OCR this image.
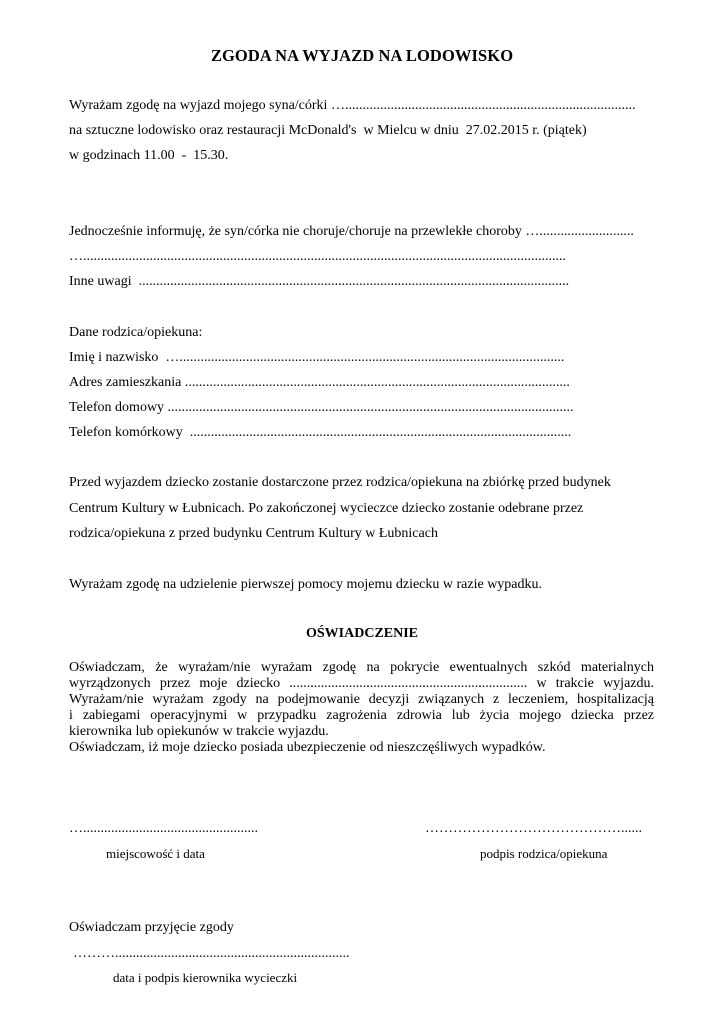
ZGODA NA WYJAZD NA LODOWISKO

Wyrażam zgodę na wyjazd mojego syna/córki …...................................................................................

na sztuczne lodowisko oraz restauracji McDonald's  w Mielcu w dniu  27.02.2015 r. (piątek)

w godzinach 11.00  -  15.30.

Jednocześnie informuję, że syn/córka nie choruje/choruje na przewlekłe choroby …...........................

…..........................................................................................................................................

Inne uwagi  ...........................................................................................................................

Dane rodzica/opiekuna:

Imię i nazwisko  …..............................................................................................................

Adres zamieszkania ..............................................................................................................

Telefon domowy ....................................................................................................................

Telefon komórkowy  .............................................................................................................

Przed wyjazdem dziecko zostanie dostarczone przez rodzica/opiekuna na zbiórkę przed budynek

Centrum Kultury w Łubnicach. Po zakończonej wycieczce dziecko zostanie odebrane przez

rodzica/opiekuna z przed budynku Centrum Kultury w Łubnicach

Wyrażam zgodę na udzielenie pierwszej pomocy mojemu dziecku w razie wypadku.

OŚWIADCZENIE
Oświadczam, że wyrażam/nie wyrażam zgodę na pokrycie ewentualnych szkód materialnych
wyrządzonych przez moje dziecko .................................................................... w trakcie wyjazdu.
Wyrażam/nie wyrażam zgody na podejmowanie decyzji związanych z leczeniem, hospitalizacją
i zabiegami operacyjnymi w przypadku zagrożenia zdrowia lub życia mojego dziecka przez
kierownika lub opiekunów w trakcie wyjazdu.
Oświadczam, iż moje dziecko posiada ubezpieczenie od nieszczęśliwych wypadków.

…..................................................

miejscowość i data

……………………………………......

podpis rodzica/opiekuna

Oświadczam przyjęcie zgody

………...................................................................

data i podpis kierownika wycieczki
